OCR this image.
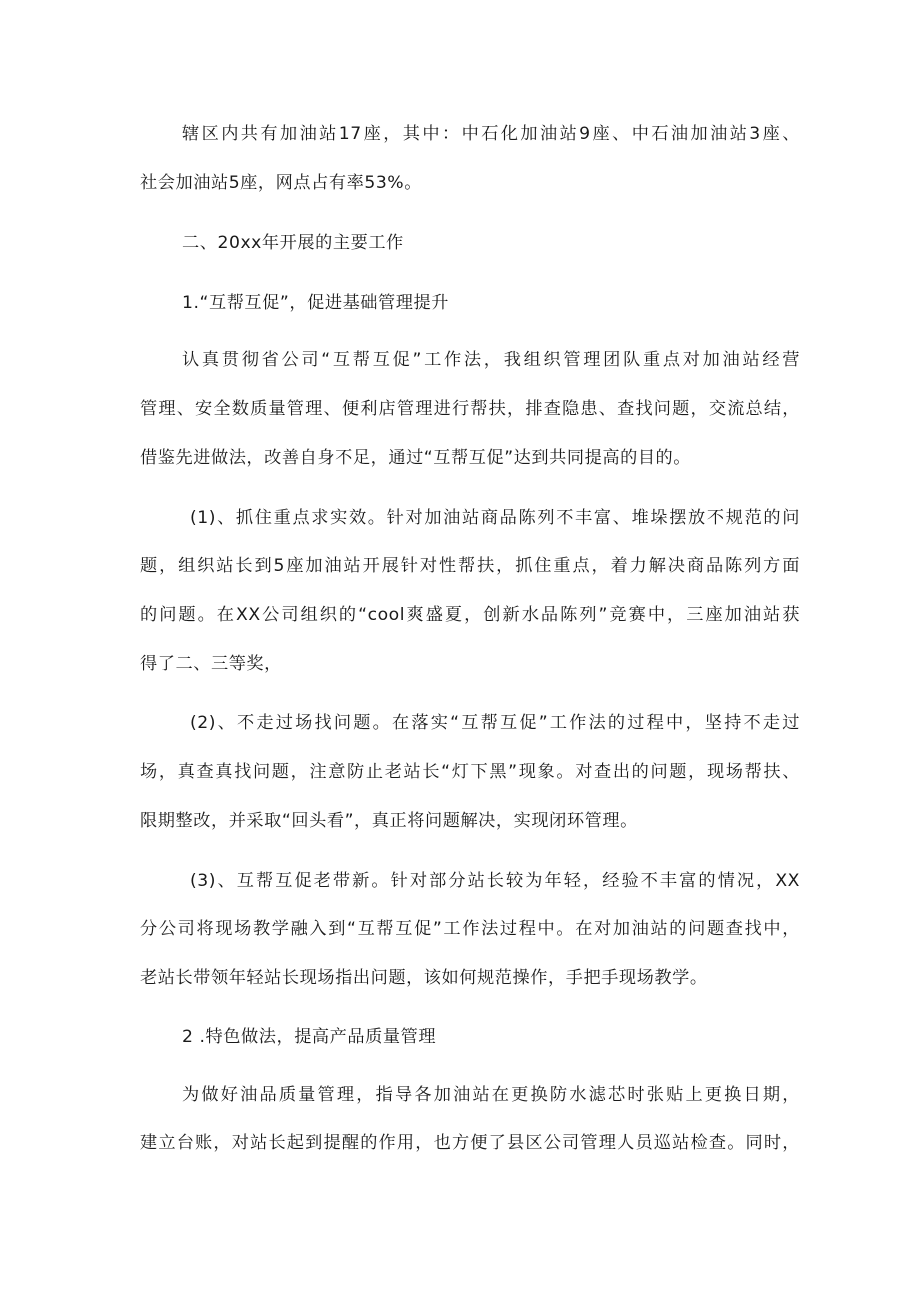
辖区内共有加油站17座，其中：中石化加油站9座、中石油加油站3座、
社会加油站5座，网点占有率53%。
二、20xx年开展的主要工作
1.“互帮互促”，促进基础管理提升
认真贯彻省公司“互帮互促”工作法，我组织管理团队重点对加油站经营
管理、安全数质量管理、便利店管理进行帮扶，排查隐患、查找问题，交流总结，
借鉴先进做法，改善自身不足，通过“互帮互促”达到共同提高的目的。
(1)、抓住重点求实效。针对加油站商品陈列不丰富、堆垛摆放不规范的问
题，组织站长到5座加油站开展针对性帮扶，抓住重点，着力解决商品陈列方面
的问题。在XX公司组织的“cool爽盛夏，创新水品陈列”竞赛中，三座加油站获
得了二、三等奖，
(2)、不走过场找问题。在落实“互帮互促”工作法的过程中，坚持不走过
场，真查真找问题，注意防止老站长“灯下黑”现象。对查出的问题，现场帮扶、
限期整改，并采取“回头看”，真正将问题解决，实现闭环管理。
(3)、互帮互促老带新。针对部分站长较为年轻，经验不丰富的情况，XX
分公司将现场教学融入到“互帮互促”工作法过程中。在对加油站的问题查找中，
老站长带领年轻站长现场指出问题，该如何规范操作，手把手现场教学。
2 .特色做法，提高产品质量管理
为做好油品质量管理，指导各加油站在更换防水滤芯时张贴上更换日期，
建立台账，对站长起到提醒的作用，也方便了县区公司管理人员巡站检查。同时，
